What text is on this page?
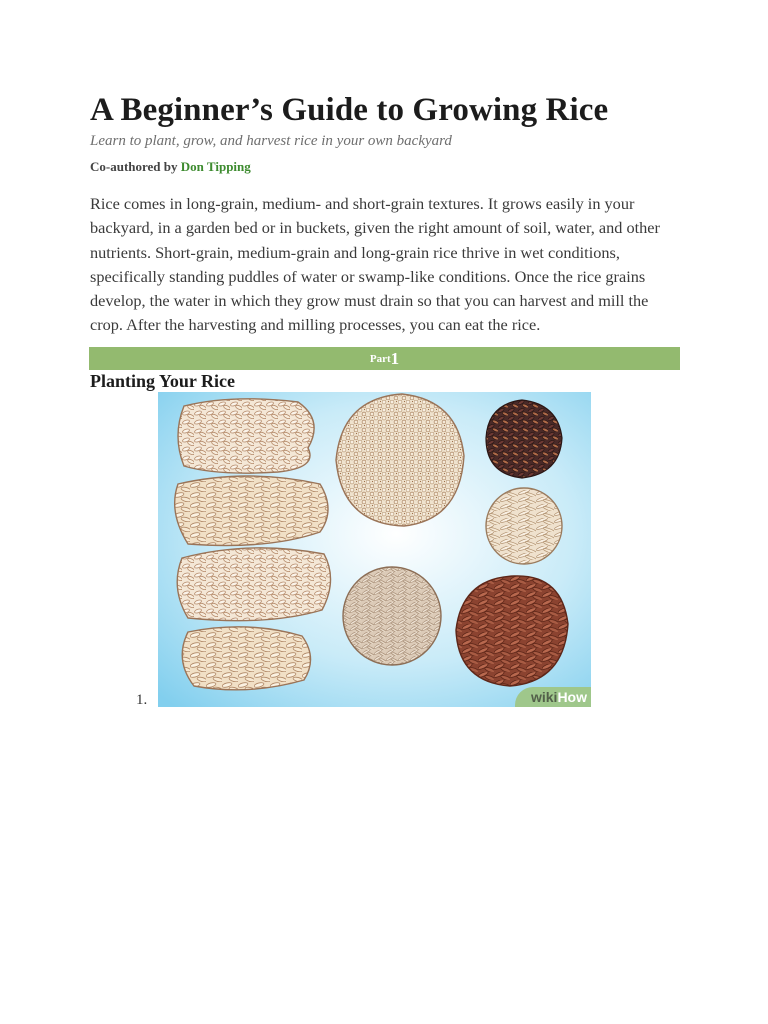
A Beginner’s Guide to Growing Rice
Learn to plant, grow, and harvest rice in your own backyard
Co-authored by Don Tipping

Rice comes in long-grain, medium- and short-grain textures. It grows easily in your backyard, in a garden bed or in buckets, given the right amount of soil, water, and other nutrients. Short-grain, medium-grain and long-grain rice thrive in wet conditions, specifically standing puddles of water or swamp-like conditions. Once the rice grains develop, the water in which they grow must drain so that you can harvest and mill the crop. After the harvesting and milling processes, you can eat the rice.

Part1
Planting Your Rice
1.	wikiHow
